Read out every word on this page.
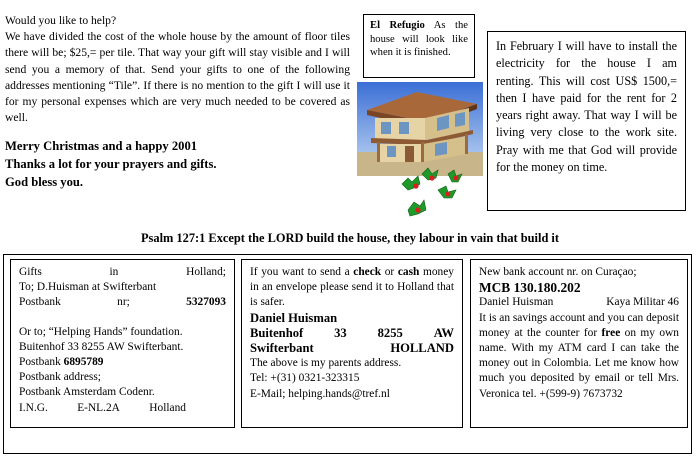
Would you like to help?

We have divided the cost of the whole house by the amount of floor tiles there will be; $25,= per tile. That way your gift will stay visible and I will send you a memory of that. Send your gifts to one of the following addresses mentioning “Tile”. If there is no mention to the gift I will use it for my personal expenses which are very much needed to be covered as well.

Merry Christmas and a happy 2001
Thanks a lot for your prayers and gifts.
God bless you.
El Refugio As the house will look like when it is finished.	In February I will have to install the electricity for the house I am renting. This will cost US$ 1500,= then I have paid for the rent for 2 years right away. That way I will be living very close to the work site. Pray with me that God will provide for the money on time.
Psalm 127:1 Except the LORD build the house, they labour in vain that build it
Gifts	in	Holland;
To; D.Huisman at Swifterbant
Postbank	nr;	5327093
Or to; “Helping Hands” foundation.
Buitenhof 33 8255 AW Swifterbant.
Postbank 6895789
Postbank address;
Postbank Amsterdam Codenr.
I.N.G.	E-NL.2A	Holland
If you want to send a check or cash money in an envelope please send it to Holland that is safer.
Daniel Huisman
Buitenhof 33 8255 AW
Swifterbant	HOLLAND
The above is my parents address.
Tel: +(31) 0321-323315
E-Mail; helping.hands@tref.nl
New bank account nr. on Curaçao;
MCB 130.180.202
Daniel Huisman	Kaya Militar 46
It is an savings account and you can deposit money at the counter for free on my own name. With my ATM card I can take the money out in Colombia. Let me know how much you deposited by email or tell Mrs. Veronica tel. +(599-9) 7673732
